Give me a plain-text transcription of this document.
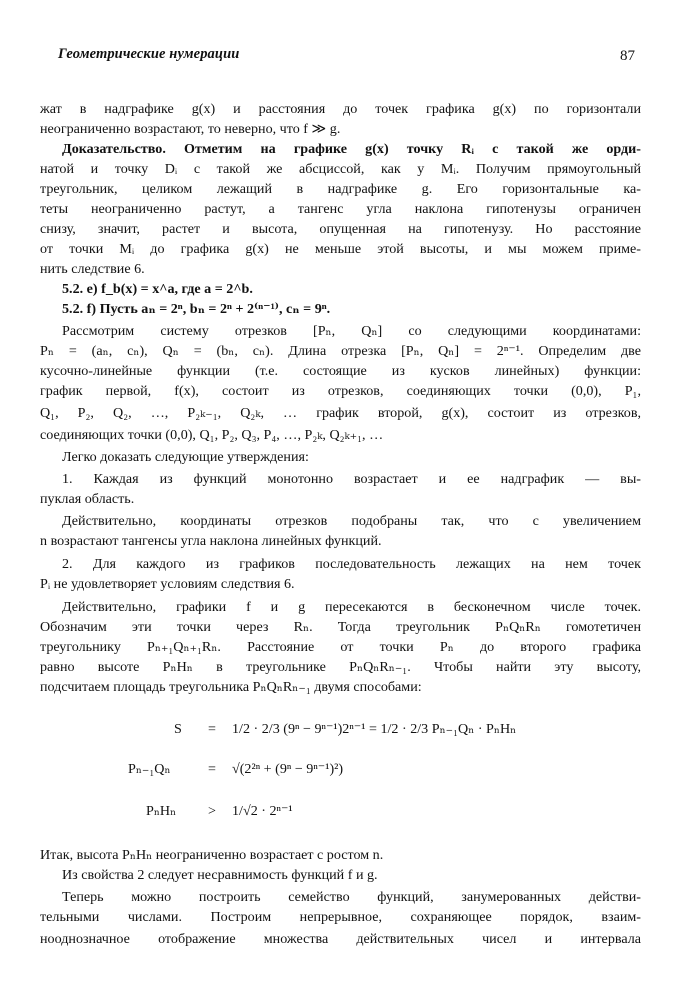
Геометрические нумерации	87
жат в надграфике g(x) и расстояния до точек графика g(x) по горизонтали
неограниченно возрастают, то неверно, что f ≫ g.
Доказательство. Отметим на графике g(x) точку Rᵢ с такой же орди-
натой и точку Dᵢ с такой же абсциссой, как у Mᵢ. Получим прямоугольный
треугольник, целиком лежащий в надграфике g. Его горизонтальные ка-
теты неограниченно растут, а тангенс угла наклона гипотенузы ограничен
снизу, значит, растет и высота, опущенная на гипотенузу. Но расстояние
от точки Mᵢ до графика g(x) не меньше этой высоты, и мы можем приме-
нить следствие 6.
5.2. e) f_b(x) = x^a, где a = 2^b.
5.2. f) Пусть aₙ = 2ⁿ, bₙ = 2ⁿ + 2⁽ⁿ⁻¹⁾, cₙ = 9ⁿ.
Рассмотрим систему отрезков [Pₙ, Qₙ] со следующими координатами:
Pₙ = (aₙ, cₙ), Qₙ = (bₙ, cₙ). Длина отрезка [Pₙ, Qₙ] = 2ⁿ⁻¹. Определим две
кусочно-линейные функции (т.е. состоящие из кусков линейных) функции:
график первой, f(x), состоит из отрезков, соединяющих точки (0,0), P₁,
Q₁, P₂, Q₂, …, P₂ₖ₋₁, Q₂ₖ, … график второй, g(x), состоит из отрезков,
соединяющих точки (0,0), Q₁, P₂, Q₃, P₄, …, P₂ₖ, Q₂ₖ₊₁, …
Легко доказать следующие утверждения:
1. Каждая из функций монотонно возрастает и ее надграфик — вы-
пуклая область.
Действительно, координаты отрезков подобраны так, что с увеличением
n возрастают тангенсы угла наклона линейных функций.
2. Для каждого из графиков последовательность лежащих на нем точек
Pᵢ не удовлетворяет условиям следствия 6.
Действительно, графики f и g пересекаются в бесконечном числе точек.
Обозначим эти точки через Rₙ. Тогда треугольник PₙQₙRₙ гомотетичен
треугольнику Pₙ₊₁Qₙ₊₁Rₙ. Расстояние от точки Pₙ до второго графика
равно высоте PₙHₙ в треугольнике PₙQₙRₙ₋₁. Чтобы найти эту высоту,
подсчитаем площадь треугольника PₙQₙRₙ₋₁ двумя способами:
S = 1/2 · 2/3 (9ⁿ − 9ⁿ⁻¹)2ⁿ⁻¹ = 1/2 · 2/3 Pₙ₋₁Qₙ · PₙHₙ
Pₙ₋₁Qₙ	= √(2²ⁿ + (9ⁿ − 9ⁿ⁻¹)²)
PₙHₙ > 1/√2 · 2ⁿ⁻¹
Итак, высота PₙHₙ неограниченно возрастает с ростом n.
Из свойства 2 следует несравнимость функций f и g.
Теперь можно построить семейство функций, занумерованных действи-
тельными числами. Построим непрерывное, сохраняющее порядок, взаим-
нооднозначное отображение множества действительных чисел и интервала
